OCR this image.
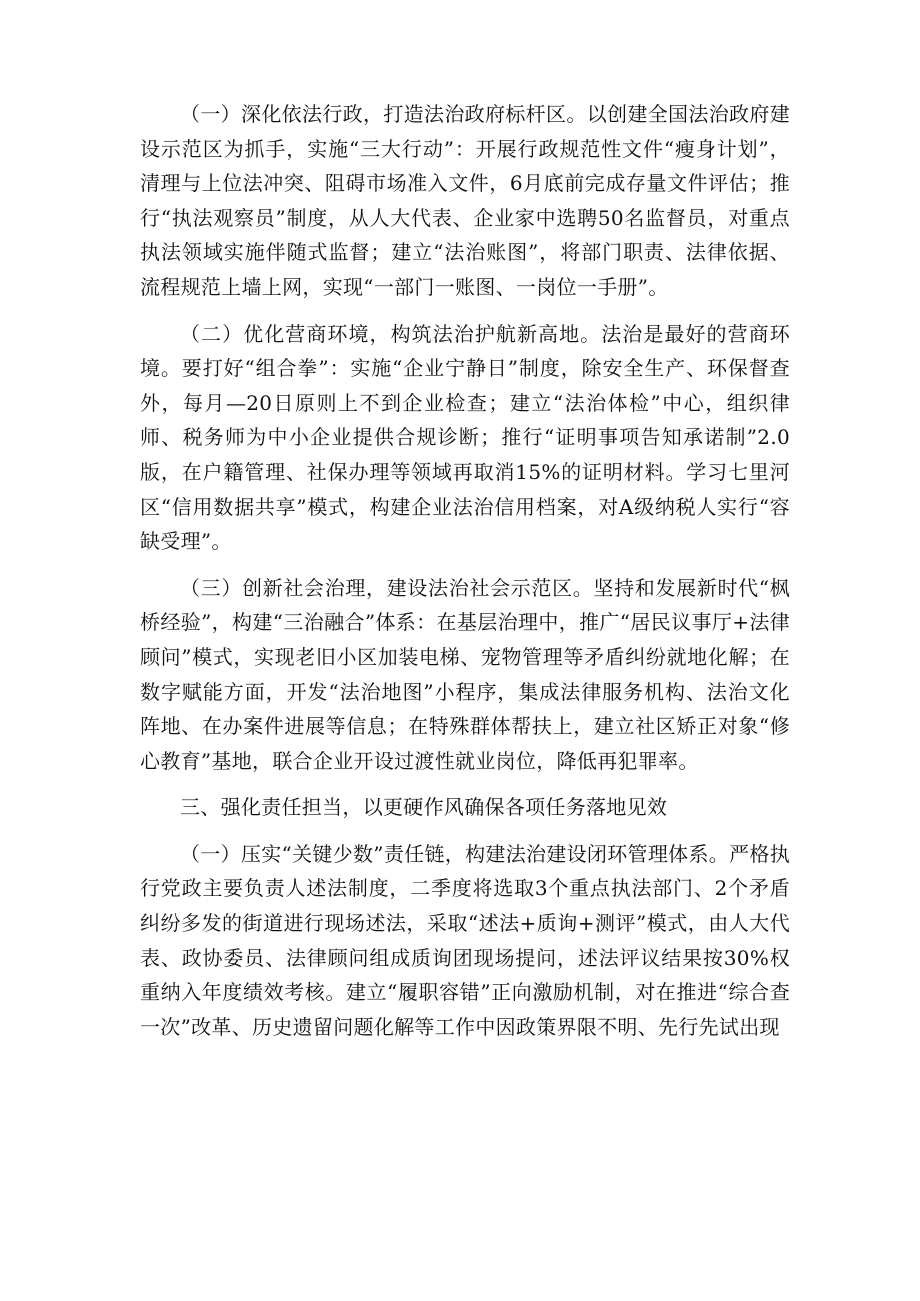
（一）深化依法行政，打造法治政府标杆区。以创建全国法治政府建设示范区为抓手，实施“三大行动”：开展行政规范性文件“瘦身计划”，清理与上位法冲突、阻碍市场准入文件，6月底前完成存量文件评估；推行“执法观察员”制度，从人大代表、企业家中选聘50名监督员，对重点执法领域实施伴随式监督；建立“法治账图”，将部门职责、法律依据、流程规范上墙上网，实现“一部门一账图、一岗位一手册”。

（二）优化营商环境，构筑法治护航新高地。法治是最好的营商环境。要打好“组合拳”：实施“企业宁静日”制度，除安全生产、环保督查外，每月—20日原则上不到企业检查；建立“法治体检”中心，组织律师、税务师为中小企业提供合规诊断；推行“证明事项告知承诺制”2.0版，在户籍管理、社保办理等领域再取消15%的证明材料。学习七里河区“信用数据共享”模式，构建企业法治信用档案，对A级纳税人实行“容缺受理”。

（三）创新社会治理，建设法治社会示范区。坚持和发展新时代“枫桥经验”，构建“三治融合”体系：在基层治理中，推广“居民议事厅+法律顾问”模式，实现老旧小区加装电梯、宠物管理等矛盾纠纷就地化解；在数字赋能方面，开发“法治地图”小程序，集成法律服务机构、法治文化阵地、在办案件进展等信息；在特殊群体帮扶上，建立社区矫正对象“修心教育”基地，联合企业开设过渡性就业岗位，降低再犯罪率。

三、强化责任担当，以更硬作风确保各项任务落地见效

（一）压实“关键少数”责任链，构建法治建设闭环管理体系。严格执行党政主要负责人述法制度，二季度将选取3个重点执法部门、2个矛盾纠纷多发的街道进行现场述法，采取“述法+质询+测评”模式，由人大代表、政协委员、法律顾问组成质询团现场提问，述法评议结果按30%权重纳入年度绩效考核。建立“履职容错”正向激励机制，对在推进“综合查一次”改革、历史遗留问题化解等工作中因政策界限不明、先行先试出现
